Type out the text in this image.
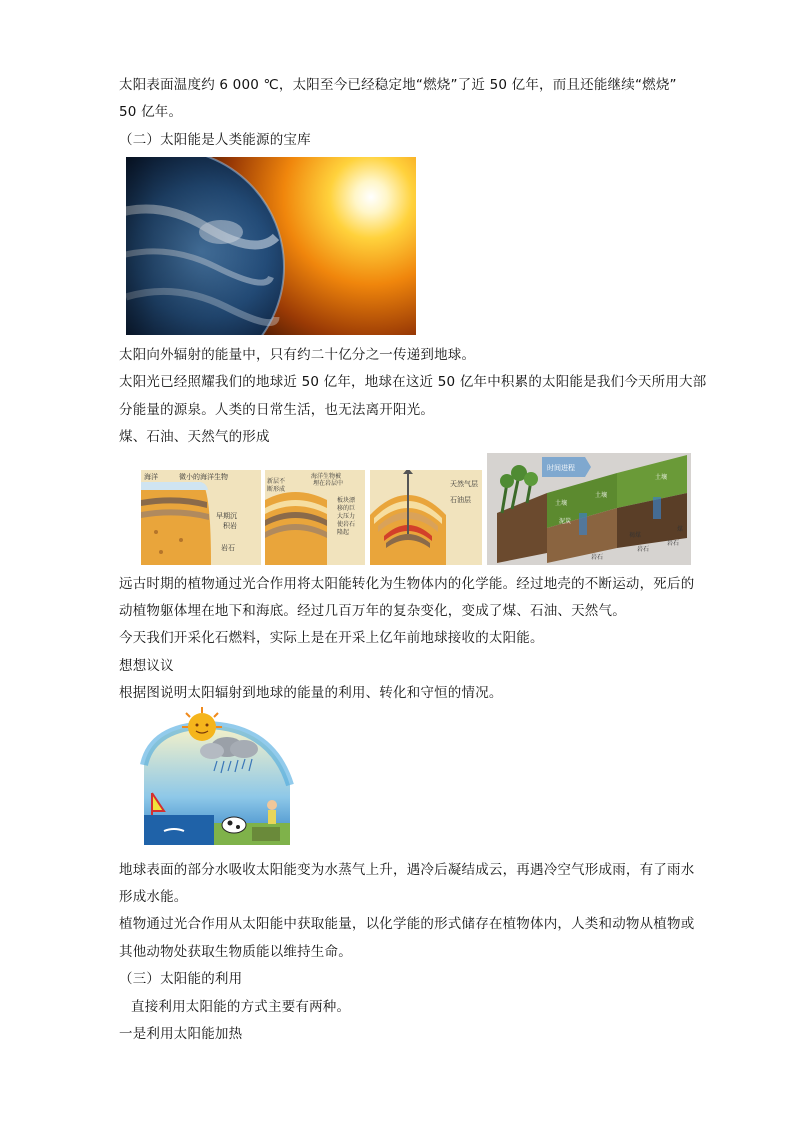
太阳表面温度约 6 000 ℃，太阳至今已经稳定地“燃烧”了近 50 亿年，而且还能继续“燃烧”

50 亿年。

（二）太阳能是人类能源的宝库

太阳向外辐射的能量中，只有约二十亿分之一传递到地球。

太阳光已经照耀我们的地球近 50 亿年，地球在这近 50 亿年中积累的太阳能是我们今天所用大部

分能量的源泉。人类的日常生活，也无法离开阳光。

煤、石油、天然气的形成

海洋	微小的海洋生物
早期沉
积岩
岩石
新层不
断形成
海洋生物被
埋在岩层中
板块漂
移的巨
大压力
使岩石
隆起
天然气层
石油层
时间进程
土壤
土壤
土壤
泥炭
褐煤
煤
岩石
岩石
岩石

远古时期的植物通过光合作用将太阳能转化为生物体内的化学能。经过地壳的不断运动，死后的

动植物躯体埋在地下和海底。经过几百万年的复杂变化，变成了煤、石油、天然气。

今天我们开采化石燃料，实际上是在开采上亿年前地球接收的太阳能。

想想议议

根据图说明太阳辐射到地球的能量的利用、转化和守恒的情况。

地球表面的部分水吸收太阳能变为水蒸气上升，遇冷后凝结成云，再遇冷空气形成雨，有了雨水

形成水能。

植物通过光合作用从太阳能中获取能量，以化学能的形式储存在植物体内，人类和动物从植物或

其他动物处获取生物质能以维持生命。

（三）太阳能的利用

直接利用太阳能的方式主要有两种。

一是利用太阳能加热
